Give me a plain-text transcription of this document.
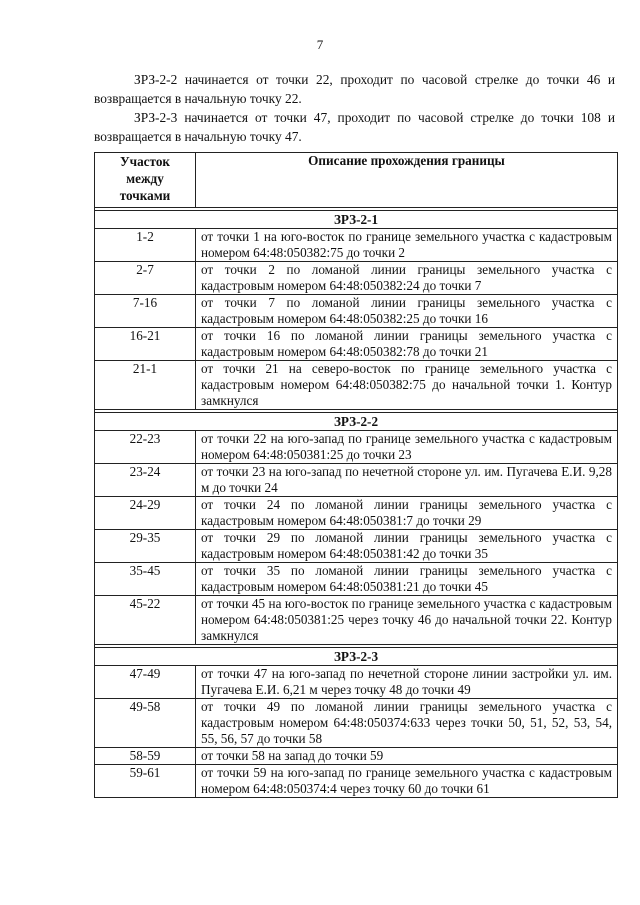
7

ЗРЗ-2-2 начинается от точки 22, проходит по часовой стрелке до точки 46 и возвращается в начальную точку 22.

ЗРЗ-2-3 начинается от точки 47, проходит по часовой стрелке до точки 108 и возвращается в начальную точку 47.

Участок между точками	Описание прохождения границы

ЗРЗ-2-1	
1-2	от точки 1 на юго-восток по границе земельного участка с кадастровым номером 64:48:050382:75 до точки 2
2-7	от точки 2 по ломаной линии границы земельного участка с кадастровым номером 64:48:050382:24 до точки 7
7-16	от точки 7 по ломаной линии границы земельного участка с кадастровым номером 64:48:050382:25 до точки 16
16-21	от точки 16 по ломаной линии границы земельного участка с кадастровым номером 64:48:050382:78 до точки 21
21-1	от точки 21 на северо-восток по границе земельного участка с кадастровым номером 64:48:050382:75 до начальной точки 1. Контур замкнулся

ЗРЗ-2-2	
22-23	от точки 22 на юго-запад по границе земельного участка с кадастровым номером 64:48:050381:25 до точки 23
23-24	от точки 23 на юго-запад по нечетной стороне ул. им. Пугачева Е.И. 9,28 м до точки 24
24-29	от точки 24 по ломаной линии границы земельного участка с кадастровым номером 64:48:050381:7 до точки 29
29-35	от точки 29 по ломаной линии границы земельного участка с кадастровым номером 64:48:050381:42 до точки 35
35-45	от точки 35 по ломаной линии границы земельного участка с кадастровым номером 64:48:050381:21 до точки 45
45-22	от точки 45 на юго-восток по границе земельного участка с кадастровым номером 64:48:050381:25 через точку 46 до начальной точки 22. Контур замкнулся

ЗРЗ-2-3	
47-49	от точки 47 на юго-запад по нечетной стороне линии застройки ул. им. Пугачева Е.И. 6,21 м через точку 48 до точки 49
49-58	от точки 49 по ломаной линии границы земельного участка с кадастровым номером 64:48:050374:633 через точки 50, 51, 52, 53, 54, 55, 56, 57 до точки 58
58-59	от точки 58 на запад до точки 59
59-61	от точки 59 на юго-запад по границе земельного участка с кадастровым номером 64:48:050374:4 через точку 60 до точки 61
